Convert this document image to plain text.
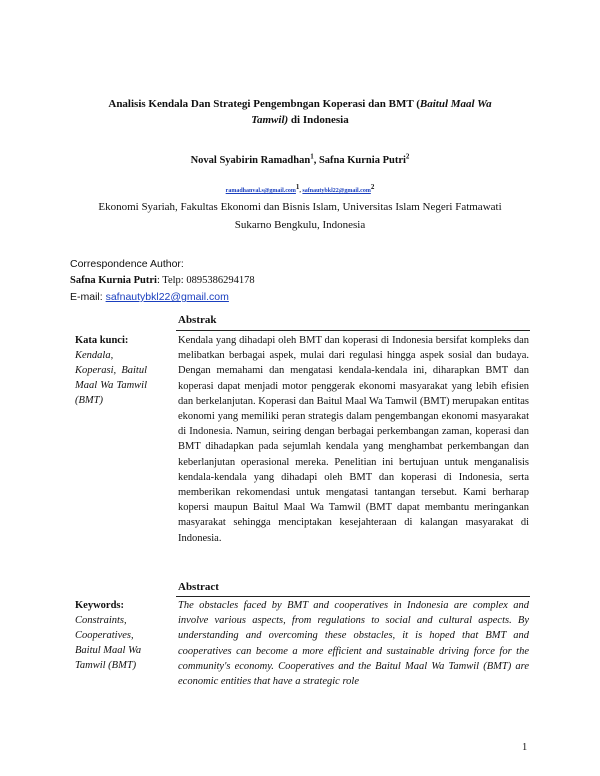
Analisis Kendala Dan Strategi Pengembngan Koperasi dan BMT (Baitul Maal Wa Tamwil) di Indonesia
Noval Syabirin Ramadhan$^1$, Safna Kurnia Putri$^2$
ramadhanval.s@gmail.com$^1$, safnautybkl22@gmail.com$^2$
Ekonomi Syariah, Fakultas Ekonomi dan Bisnis Islam, Universitas Islam Negeri Fatmawati
Sukarno Bengkulu, Indonesia
Correspondence Author:
Safna Kurnia Putri: Telp: 0895386294178
E-mail: safnautybkl22@gmail.com
Abstrak
Kata kunci:
Kendala, Koperasi, Baitul Maal Wa Tamwil (BMT)
Kendala yang dihadapi oleh BMT dan koperasi di Indonesia bersifat kompleks dan melibatkan berbagai aspek, mulai dari regulasi hingga aspek sosial dan budaya. Dengan memahami dan mengatasi kendala-kendala ini, diharapkan BMT dan koperasi dapat menjadi motor penggerak ekonomi masyarakat yang lebih efisien dan berkelanjutan. Koperasi dan Baitul Maal Wa Tamwil (BMT) merupakan entitas ekonomi yang memiliki peran strategis dalam pengembangan ekonomi masyarakat di Indonesia. Namun, seiring dengan berbagai perkembangan zaman, koperasi dan BMT dihadapkan pada sejumlah kendala yang menghambat perkembangan dan keberlanjutan operasional mereka. Penelitian ini bertujuan untuk menganalisis kendala-kendala yang dihadapi oleh BMT dan koperasi di Indonesia, serta memberikan rekomendasi untuk mengatasi tantangan tersebut. Kami berharap kopersi maupun Baitul Maal Wa Tamwil (BMT dapat membantu meringankan masyarakat sehingga menciptakan kesejahteraan di kalangan masyarakat di Indonesia.
Abstract
Keywords:
Constraints, Cooperatives, Baitul Maal Wa Tamwil (BMT)
The obstacles faced by BMT and cooperatives in Indonesia are complex and involve various aspects, from regulations to social and cultural aspects. By understanding and overcoming these obstacles, it is hoped that BMT and cooperatives can become a more efficient and sustainable driving force for the community's economy. Cooperatives and the Baitul Maal Wa Tamwil (BMT) are economic entities that have a strategic role
1
